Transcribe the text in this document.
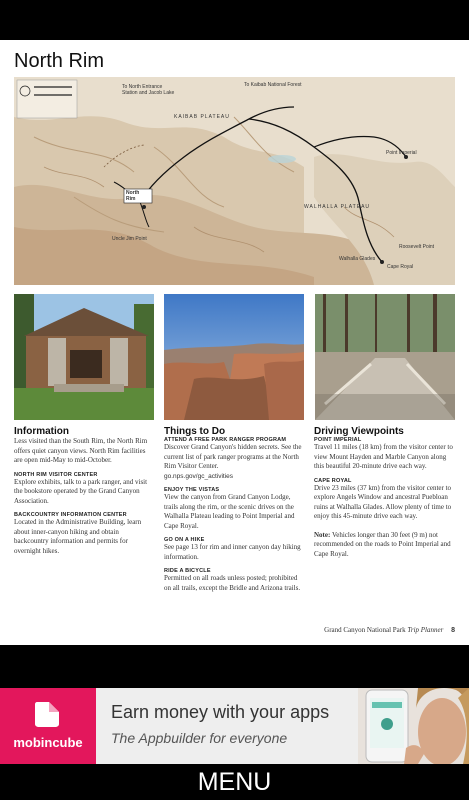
North Rim
To North Entrance Station and Jacob Lake
To Kaibab National Forest
KAIBAB PLATEAU
WALHALLA PLATEAU
North Rim
Point Imperial
Cape Royal
Walhalla Glades
Roosevelt Point
Uncle Jim Point
Information

Less visited than the South Rim, the North Rim offers quiet canyon views. North Rim facilities are open mid-May to mid-October.

NORTH RIM VISITOR CENTER

Explore exhibits, talk to a park ranger, and visit the bookstore operated by the Grand Canyon Association.

BACKCOUNTRY INFORMATION CENTER

Located in the Administrative Building, learn about inner-canyon hiking and obtain backcountry information and permits for overnight hikes.

Things to Do
ATTEND A FREE PARK RANGER PROGRAM

Discover Grand Canyon's hidden secrets. See the current list of park ranger programs at the North Rim Visitor Center.

go.nps.gov/gc_activities

ENJOY THE VISTAS

View the canyon from Grand Canyon Lodge, trails along the rim, or the scenic drives on the Walhalla Plateau leading to Point Imperial and Cape Royal.

GO ON A HIKE

See page 13 for rim and inner canyon day hiking information.

RIDE A BICYCLE

Permitted on all roads unless posted; prohibited on all trails, except the Bridle and Arizona trails.

Driving Viewpoints
POINT IMPERIAL

Travel 11 miles (18 km) from the visitor center to view Mount Hayden and Marble Canyon along this beautiful 20-minute drive each way.

CAPE ROYAL

Drive 23 miles (37 km) from the visitor center to explore Angels Window and ancestral Puebloan ruins at Walhalla Glades. Allow plenty of time to enjoy this 45-minute drive each way.

Note: Vehicles longer than 30 feet (9 m) not recommended on the roads to Point Imperial and Cape Royal.

Grand Canyon National Park Trip Planner 8
mobincube
Earn money with your apps
The Appbuilder for everyone
MENU
